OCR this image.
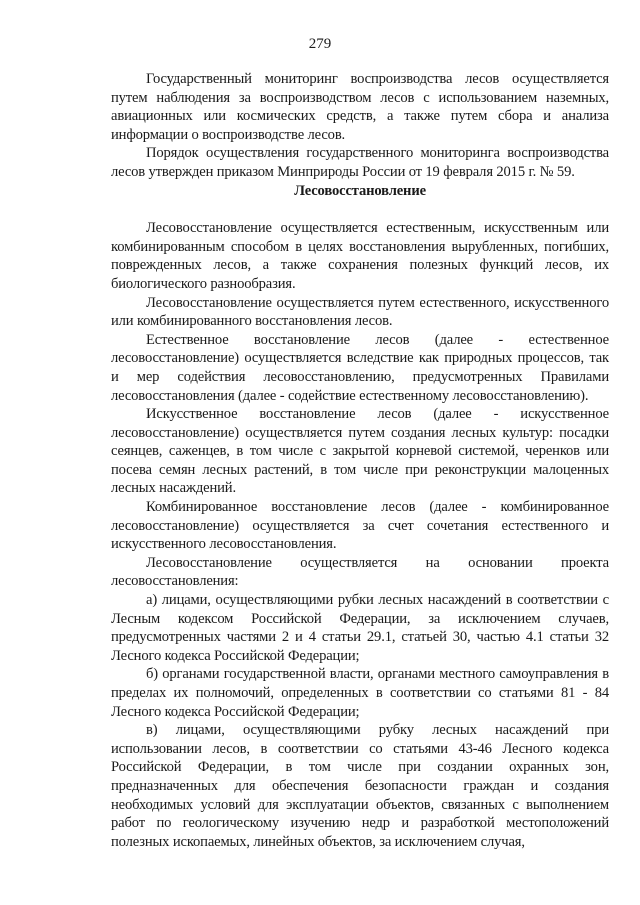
279

Государственный мониторинг воспроизводства лесов осуществляется путем наблюдения за воспроизводством лесов с использованием наземных, авиационных или космических средств, а также путем сбора и анализа информации о воспроизводстве лесов.

Порядок осуществления государственного мониторинга воспроизводства лесов утвержден приказом Минприроды России от 19 февраля 2015 г. № 59.

Лесовосстановление

Лесовосстановление осуществляется естественным, искусственным или комбинированным способом в целях восстановления вырубленных, погибших, поврежденных лесов, а также сохранения полезных функций лесов, их биологического разнообразия.

Лесовосстановление осуществляется путем естественного, искусственного или комбинированного восстановления лесов.

Естественное восстановление лесов (далее - естественное лесовосстановление) осуществляется вследствие как природных процессов, так и мер содействия лесовосстановлению, предусмотренных Правилами лесовосстановления (далее - содействие естественному лесовосстановлению).

Искусственное восстановление лесов (далее - искусственное лесовосстановление) осуществляется путем создания лесных культур: посадки сеянцев, саженцев, в том числе с закрытой корневой системой, черенков или посева семян лесных растений, в том числе при реконструкции малоценных лесных насаждений.

Комбинированное восстановление лесов (далее - комбинированное лесовосстановление) осуществляется за счет сочетания естественного и искусственного лесовосстановления.

Лесовосстановление осуществляется на основании проекта лесовосстановления:

а) лицами, осуществляющими рубки лесных насаждений в соответствии с Лесным кодексом Российской Федерации, за исключением случаев, предусмотренных частями 2 и 4 статьи 29.1, статьей 30, частью 4.1 статьи 32 Лесного кодекса Российской Федерации;

б) органами государственной власти, органами местного самоуправления в пределах их полномочий, определенных в соответствии со статьями 81 - 84 Лесного кодекса Российской Федерации;

в) лицами, осуществляющими рубку лесных насаждений при использовании лесов, в соответствии со статьями 43-46 Лесного кодекса Российской Федерации, в том числе при создании охранных зон, предназначенных для обеспечения безопасности граждан и создания необходимых условий для эксплуатации объектов, связанных с выполнением работ по геологическому изучению недр и разработкой местоположений полезных ископаемых, линейных объектов, за исключением случая,
